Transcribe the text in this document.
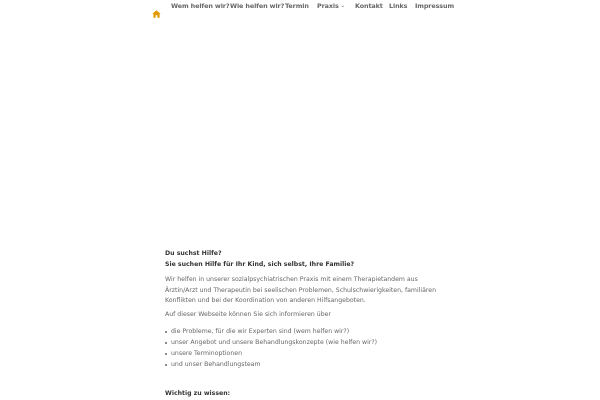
Wem helfen wir? Wie helfen wir? Termin Praxis ⌄ Kontakt Links Impressum
Du suchst Hilfe?
Sie suchen Hilfe für Ihr Kind, sich selbst, Ihre Familie?

Wir helfen in unserer sozialpsychiatrischen Praxis mit einem Therapietandem aus Ärztin/Arzt und Therapeutin bei seelischen Problemen, Schulschwierigkeiten, familiären Konflikten und bei der Koordination von anderen Hilfsangeboten.

Auf dieser Webseite können Sie sich informieren über

die Probleme, für die wir Experten sind (wem helfen wir?)
unser Angebot und unsere Behandlungskonzepte (wie helfen wir?)
unsere Terminoptionen
und unser Behandlungsteam
Wichtig zu wissen:
